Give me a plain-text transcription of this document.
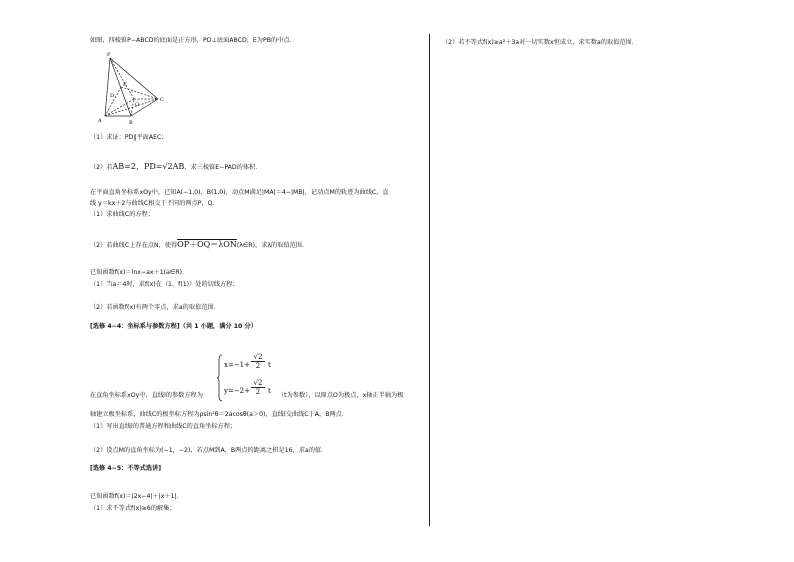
如图，四棱锥P−ABCD的底面是正方形，PD⊥底面ABCD，E为PB的中点．
P
A	B
C
D
E
O
（1）求证：PD∥平面AEC；
（2）若AB=2，PD=√2AB，求三棱锥E−PAD的体积．
在平面直角坐标系xOy中，已知A(−1,0)，B(1,0)，动点M满足|MA|＝4−|MB|，记动点M的轨迹为曲线C，直
线 y＝kx＋2与曲线C相交于不同的两点P，Q．
（1）求曲线C的方程；
（2）若曲线C上存在点N，使得OP＋OQ＝λON(λ∈R)，求λ的取值范围．
已知函数f(x)＝lnx−ax＋1(a∈R)．
（1）当a＝4时，求f(x)在（1，f(1)）处的切线方程；
（2）若函数f(x)有两个零点，求a的取值范围．
[选修 4−4：坐标系与参数方程]（共 1 小题，满分 10 分）
$x=-1+ \frac{√2}{2}$ t
$y=-2+ \frac{√2}{2}$ t
在直角坐标系xOy中，直线l的参数方程为	（t为参数），以原点O为极点，x轴正半轴为极
轴建立极坐标系，曲线C的极坐标方程为ρsin²θ＝2acosθ(a＞0)，直线l交曲线C于A，B两点．
（1）写出直线l的普通方程和曲线C的直角坐标方程；
（2）设点M的直角坐标为(−1，−2)，若点M到A，B两点的距离之积是16，求a的值．
[选修 4−5：不等式选讲]
已知函数f(x)＝|2x−4|＋|x＋1|．
（1）求不等式f(x)≥6的解集；
（2）若不等式f(x)≥a²＋3a对一切实数x恒成立，求实数a的取值范围．
